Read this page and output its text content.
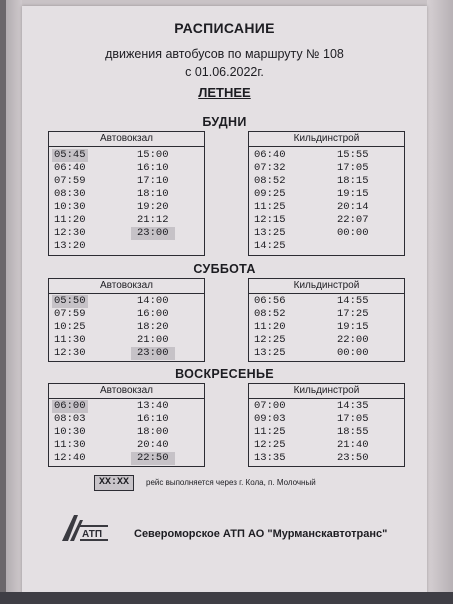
РАСПИСАНИЕ
движения автобусов по маршруту № 108
с 01.06.2022г.
ЛЕТНЕЕ
БУДНИ
Автовокзал
05:45	15:00
06:40	16:10
07:59	17:10
08:30	18:10
10:30	19:20
11:20	21:12
12:30	23:00
13:20
Кильдинстрой
06:40	15:55
07:32	17:05
08:52	18:15
09:25	19:15
11:25	20:14
12:15	22:07
13:25	00:00
14:25
СУББОТА
Автовокзал
05:50	14:00
07:59	16:00
10:25	18:20
11:30	21:00
12:30	23:00
Кильдинстрой
06:56	14:55
08:52	17:25
11:20	19:15
12:25	22:00
13:25	00:00
ВОСКРЕСЕНЬЕ
Автовокзал
06:00	13:40
08:03	16:10
10:30	18:00
11:30	20:40
12:40	22:50
Кильдинстрой
07:00	14:35
09:03	17:05
11:25	18:55
12:25	21:40
13:35	23:50
XX:XX	рейс выполняется через г. Кола, п. Молочный
АТП	Североморское АТП АО "Мурманскавтотранс"
